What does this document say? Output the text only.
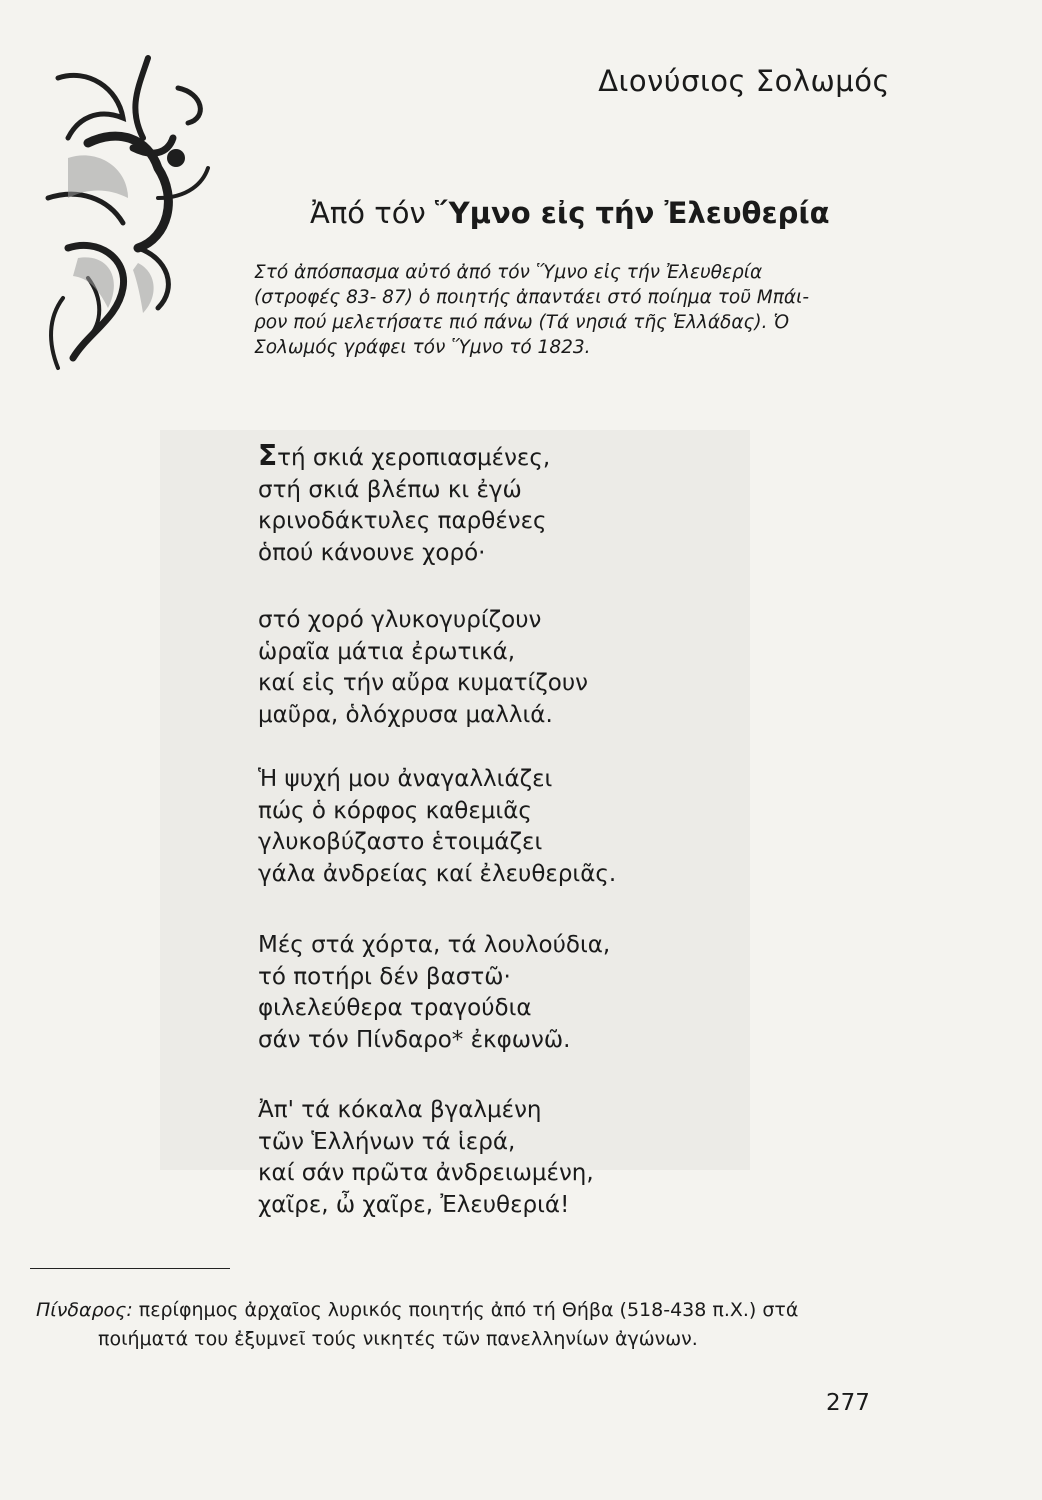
Διονύσιος Σολωμός
Ἀπό τόν Ὕμνο εἰς τήν Ἐλευθερία
Στό ἀπόσπασμα αὐτό ἀπό τόν Ὕμνο εἰς τήν Ἐλευθερία
(στροφές 83- 87) ὁ ποιητής ἀπαντάει στό ποίημα τοῦ Μπάι-
ρον πού μελετήσατε πιό πάνω (Τά νησιά τῆς Ἑλλάδας). Ὁ
Σολωμός γράφει τόν Ὕμνο τό 1823.
Στή σκιά χεροπιασμένες,
στή σκιά βλέπω κι ἐγώ
κρινοδάκτυλες παρθένες
ὁπού κάνουνε χορό·
στό χορό γλυκογυρίζουν
ὡραῖα μάτια ἐρωτικά,
καί εἰς τήν αὔρα κυματίζουν
μαῦρα, ὁλόχρυσα μαλλιά.
Ἡ ψυχή μου ἀναγαλλιάζει
πώς ὁ κόρφος καθεμιᾶς
γλυκοβύζαστο ἑτοιμάζει
γάλα ἀνδρείας καί ἐλευθεριᾶς.
Μές στά χόρτα, τά λουλούδια,
τό ποτήρι δέν βαστῶ·
φιλελεύθερα τραγούδια
σάν τόν Πίνδαρο* ἐκφωνῶ.
Ἀπ' τά κόκαλα βγαλμένη
τῶν Ἑλλήνων τά ἱερά,
καί σάν πρῶτα ἀνδρειωμένη,
χαῖρε, ὦ χαῖρε, Ἐλευθεριά!
Πίνδαρος: περίφημος ἀρχαῖος λυρικός ποιητής ἀπό τή Θήβα (518-438 π.Χ.) στά
ποιήματά του ἐξυμνεῖ τούς νικητές τῶν πανελληνίων ἀγώνων.
277
